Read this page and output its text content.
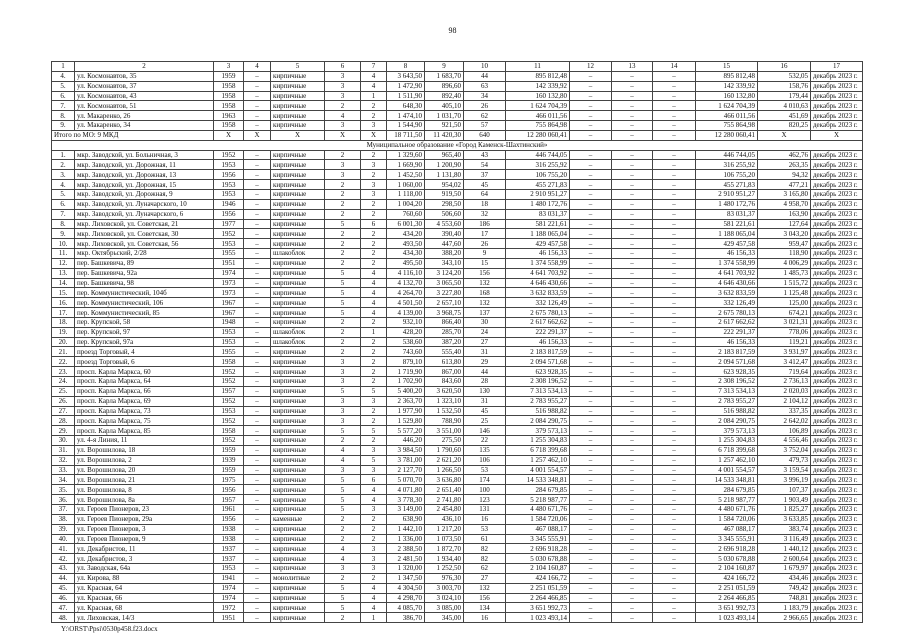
98
1	2	3	4	5	6	7	8	9	10	11	12	13	14	15	16	17
4.	ул. Космонавтов, 35	1959	–	кирпичные	3	4	3 643,50	1 683,70	44	895 812,48	–	–	–	895 812,48	532,05	декабрь 2023 г.
5.	ул. Космонавтов, 37	1958	–	кирпичные	3	4	1 472,90	896,60	63	142 339,92	–	–	–	142 339,92	158,76	декабрь 2023 г.
6.	ул. Космонавтов, 43	1958	–	кирпичные	3	1	1 511,90	892,40	34	160 132,80	–	–	–	160 132,80	179,44	декабрь 2023 г.
7.	ул. Космонавтов, 51	1958	–	кирпичные	2	2	648,30	405,10	26	1 624 704,39	–	–	–	1 624 704,39	4 010,63	декабрь 2023 г.
8.	ул. Макаренко, 26	1963	–	кирпичные	4	2	1 474,10	1 031,70	62	466 011,56	–	–	–	466 011,56	451,69	декабрь 2023 г.
9.	ул. Макаренко, 34	1958	–	кирпичные	3	3	1 544,90	921,50	57	755 864,98	–	–	–	755 864,98	820,25	декабрь 2023 г.
Итого по МО: 9 МКД		X	X	X	X	X	18 711,50	11 420,30	640	12 280 060,41	–	–	–	12 280 060,41	X	X
Муниципальное образование «Город Каменск-Шахтинский»																
1.	мкр. Заводской, ул. Больничная, 3	1952	–	кирпичные	2	2	1 329,60	965,40	43	446 744,05	–	–	–	446 744,05	462,76	декабрь 2023 г.
2.	мкр. Заводской, ул. Дорожная, 11	1953	–	кирпичные	3	3	1 669,90	1 200,90	54	316 255,92	–	–	–	316 255,92	263,35	декабрь 2023 г.
3.	мкр. Заводской, ул. Дорожная, 13	1956	–	кирпичные	3	2	1 452,50	1 131,80	37	106 755,20	–	–	–	106 755,20	94,32	декабрь 2023 г.
4.	мкр. Заводской, ул. Дорожная, 15	1953	–	кирпичные	2	3	1 060,00	954,02	45	455 271,83	–	–	–	455 271,83	477,21	декабрь 2023 г.
5.	мкр. Заводской, ул. Дорожная, 9	1953	–	кирпичные	2	3	1 118,00	919,50	64	2 910 951,27	–	–	–	2 910 951,27	3 165,80	декабрь 2023 г.
6.	мкр. Заводской, ул. Луначарского, 10	1946	–	кирпичные	2	2	1 004,20	298,50	18	1 480 172,76	–	–	–	1 480 172,76	4 958,70	декабрь 2023 г.
7.	мкр. Заводской, ул. Луначарского, 6	1956	–	кирпичные	2	2	760,60	506,60	32	83 031,37	–	–	–	83 031,37	163,90	декабрь 2023 г.
8.	мкр. Лиховской, ул. Советская, 21	1977	–	кирпичные	5	6	6 001,30	4 553,60	186	581 221,61	–	–	–	581 221,61	127,64	декабрь 2023 г.
9.	мкр. Лиховской, ул. Советская, 30	1952	–	кирпичные	2	2	434,20	390,40	17	1 188 065,04	–	–	–	1 188 065,04	3 043,20	декабрь 2023 г.
10.	мкр. Лиховской, ул. Советская, 56	1953	–	кирпичные	2	2	493,50	447,60	26	429 457,58	–	–	–	429 457,58	959,47	декабрь 2023 г.
11.	мкр. Октябрьский, 2/28	1955	–	шлакоблок	2	2	434,30	388,20	9	46 156,33	–	–	–	46 156,33	118,90	декабрь 2023 г.
12.	пер. Башкевича, 89	1951	–	кирпичные	2	2	495,50	343,10	15	1 374 558,99	–	–	–	1 374 558,99	4 006,29	декабрь 2023 г.
13.	пер. Башкевича, 92а	1974	–	кирпичные	5	4	4 116,10	3 124,20	156	4 641 703,92	–	–	–	4 641 703,92	1 485,73	декабрь 2023 г.
14.	пер. Башкевича, 98	1973	–	кирпичные	5	4	4 132,70	3 065,50	132	4 646 430,66	–	–	–	4 646 430,66	1 515,72	декабрь 2023 г.
15.	пер. Коммунистический, 104б	1973	–	кирпичные	5	4	4 264,70	3 227,80	168	3 632 833,59	–	–	–	3 632 833,59	1 125,48	декабрь 2023 г.
16.	пер. Коммунистический, 106	1967	–	кирпичные	5	4	4 501,50	2 657,10	132	332 126,49	–	–	–	332 126,49	125,00	декабрь 2023 г.
17.	пер. Коммунистический, 85	1967	–	кирпичные	5	4	4 139,00	3 968,75	137	2 675 780,13	–	–	–	2 675 780,13	674,21	декабрь 2023 г.
18.	пер. Крупской, 58	1948	–	кирпичные	2	2	932,10	866,40	30	2 617 662,62	–	–	–	2 617 662,62	3 021,31	декабрь 2023 г.
19.	пер. Крупской, 97	1953	–	шлакоблок	2	1	428,20	285,70	24	222 291,37	–	–	–	222 291,37	778,06	декабрь 2023 г.
20.	пер. Крупской, 97а	1953	–	шлакоблок	2	2	538,60	387,20	27	46 156,33	–	–	–	46 156,33	119,21	декабрь 2023 г.
21.	проезд Торговый, 4	1955	–	кирпичные	2	2	743,60	555,40	31	2 183 817,59	–	–	–	2 183 817,59	3 931,97	декабрь 2023 г.
22.	проезд Торговый, 6	1958	–	кирпичные	3	2	879,10	613,80	29	2 094 571,68	–	–	–	2 094 571,68	3 412,47	декабрь 2023 г.
23.	просп. Карла Маркса, 60	1952	–	кирпичные	3	2	1 719,90	867,00	44	623 928,35	–	–	–	623 928,35	719,64	декабрь 2023 г.
24.	просп. Карла Маркса, 64	1952	–	кирпичные	3	2	1 702,90	843,60	28	2 308 196,52	–	–	–	2 308 196,52	2 736,13	декабрь 2023 г.
25.	просп. Карла Маркса, 66	1957	–	кирпичные	5	5	5 400,20	3 620,50	130	7 313 534,13	–	–	–	7 313 534,13	2 020,03	декабрь 2023 г.
26.	просп. Карла Маркса, 69	1952	–	кирпичные	3	3	2 363,70	1 323,10	31	2 783 955,27	–	–	–	2 783 955,27	2 104,12	декабрь 2023 г.
27.	просп. Карла Маркса, 73	1953	–	кирпичные	3	2	1 977,90	1 532,50	45	516 988,82	–	–	–	516 988,82	337,35	декабрь 2023 г.
28.	просп. Карла Маркса, 75	1952	–	кирпичные	3	2	1 529,80	788,90	25	2 084 290,75	–	–	–	2 084 290,75	2 642,02	декабрь 2023 г.
29.	просп. Карла Маркса, 85	1958	–	кирпичные	5	5	5 577,20	3 551,00	146	379 573,13	–	–	–	379 573,13	106,89	декабрь 2023 г.
30.	ул. 4-я Линия, 11	1952	–	кирпичные	2	2	446,20	275,50	22	1 255 304,83	–	–	–	1 255 304,83	4 556,46	декабрь 2023 г.
31.	ул. Ворошилова, 18	1959	–	кирпичные	4	3	3 984,50	1 790,60	135	6 718 399,68	–	–	–	6 718 399,68	3 752,04	декабрь 2023 г.
32.	ул. Ворошилова, 2	1939	–	кирпичные	4	5	3 781,00	2 621,20	106	1 257 462,10	–	–	–	1 257 462,10	479,73	декабрь 2023 г.
33.	ул. Ворошилова, 20	1959	–	кирпичные	3	3	2 127,70	1 266,50	53	4 001 554,57	–	–	–	4 001 554,57	3 159,54	декабрь 2023 г.
34.	ул. Ворошилова, 21	1975	–	кирпичные	5	6	5 070,70	3 636,80	174	14 533 348,81	–	–	–	14 533 348,81	3 996,19	декабрь 2023 г.
35.	ул. Ворошилова, 8	1956	–	кирпичные	5	4	4 071,80	2 651,40	100	284 679,85	–	–	–	284 679,85	107,37	декабрь 2023 г.
36.	ул. Ворошилова, 8а	1957	–	кирпичные	5	4	3 778,30	2 741,80	123	5 218 987,77	–	–	–	5 218 987,77	1 903,49	декабрь 2023 г.
37.	ул. Героев Пионеров, 23	1961	–	кирпичные	5	3	3 149,00	2 454,80	131	4 480 671,76	–	–	–	4 480 671,76	1 825,27	декабрь 2023 г.
38.	ул. Героев Пионеров, 29а	1956	–	каменные	2	2	638,90	436,10	16	1 584 720,06	–	–	–	1 584 720,06	3 633,85	декабрь 2023 г.
39.	ул. Героев Пионеров, 3	1938	–	кирпичные	2	2	1 442,10	1 217,20	53	467 088,17	–	–	–	467 088,17	383,74	декабрь 2023 г.
40.	ул. Героев Пионеров, 9	1938	–	кирпичные	2	2	1 336,00	1 073,50	61	3 345 555,91	–	–	–	3 345 555,91	3 116,49	декабрь 2023 г.
41.	ул. Декабристов, 11	1937	–	кирпичные	4	3	2 388,50	1 872,70	82	2 696 918,28	–	–	–	2 696 918,28	1 440,12	декабрь 2023 г.
42.	ул. Декабристов, 3	1937	–	кирпичные	4	3	2 481,50	1 934,40	82	5 030 678,88	–	–	–	5 030 678,88	2 600,64	декабрь 2023 г.
43.	ул. Заводская, 64а	1953	–	кирпичные	3	3	1 320,00	1 252,50	62	2 104 160,87	–	–	–	2 104 160,87	1 679,97	декабрь 2023 г.
44.	ул. Кирова, 88	1941	–	монолитные	2	2	1 347,50	976,30	27	424 166,72	–	–	–	424 166,72	434,46	декабрь 2023 г.
45.	ул. Красная, 64	1974	–	кирпичные	5	4	4 304,50	3 003,70	132	2 251 051,59	–	–	–	2 251 051,59	749,42	декабрь 2023 г.
46.	ул. Красная, 66	1974	–	кирпичные	5	4	4 298,70	3 024,10	156	2 264 466,85	–	–	–	2 264 466,85	748,81	декабрь 2023 г.
47.	ул. Красная, 68	1972	–	кирпичные	5	4	4 085,70	3 085,00	134	3 651 992,73	–	–	–	3 651 992,73	1 183,79	декабрь 2023 г.
48.	ул. Лиховская, 14/3	1951	–	кирпичные	2	1	386,70	345,00	16	1 023 493,14	–	–	–	1 023 493,14	2 966,65	декабрь 2023 г.
Y:\ORST\Ppsi\0530p458.f23.docx
